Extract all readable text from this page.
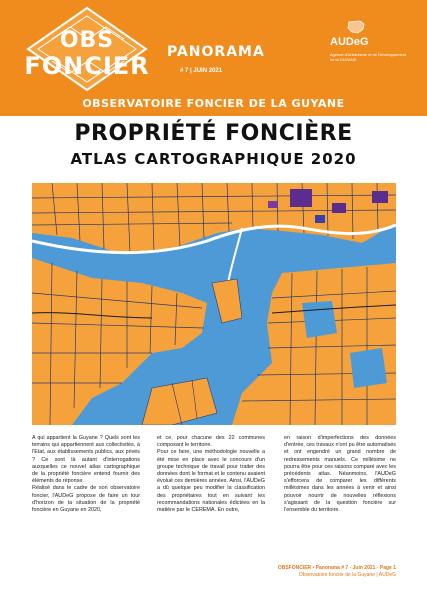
OBS
FONCIER PANORAMA
# 7 | JUIN 2021
AUDeG
Agence d'Urbanisme et de Développement de la GUYANE
OBSERVATOIRE FONCIER DE LA GUYANE
PROPRIÉTÉ FONCIÈRE
ATLAS CARTOGRAPHIQUE 2020

A qui appartient la Guyane ? Quels sont les terrains qui appartiennent aux collectivités, à l'Etat, aux établissements publics, aux privés ? Ce sont là autant d'interrogations auxquelles ce nouvel atlas cartographique de la propriété foncière entend fournir des éléments de réponse.

Réalisé dans le cadre de son observatoire foncier, l'AUDeG propose de faire un tour d'horizon de la situation de la propriété foncière en Guyane en 2020,

et ce, pour chacune des 22 communes composant le territoire.

Pour ce faire, une méthodologie nouvelle a été mise en place avec le concours d'un groupe technique de travail pour traiter des données dont le format et le contenu avaient évolué ces dernières années. Ainsi, l'AUDeG a dû quelque peu modifier la classification des propriétaires tout en suivant les recommandations nationales édictées en la matière par le CEREMA. En outre,

en raison d'imperfections des données d'entrée, ces travaux n'ont pu être automatisés et ont engendré un grand nombre de redressements manuels. Ce millésime ne pourra être pour ces raisons comparé avec les précédents atlas. Néanmoins, l'AUDeG s'efforcera de comparer les différents millésimes dans les années à venir et ainsi pouvoir nourrir de nouvelles réflexions s'agissant de la question foncière sur l'ensemble du territoire.

OBSFONCIER • Panorama # 7 - Juin 2021 - Page 1
Observatoire foncier de la Guyane | AUDeG
